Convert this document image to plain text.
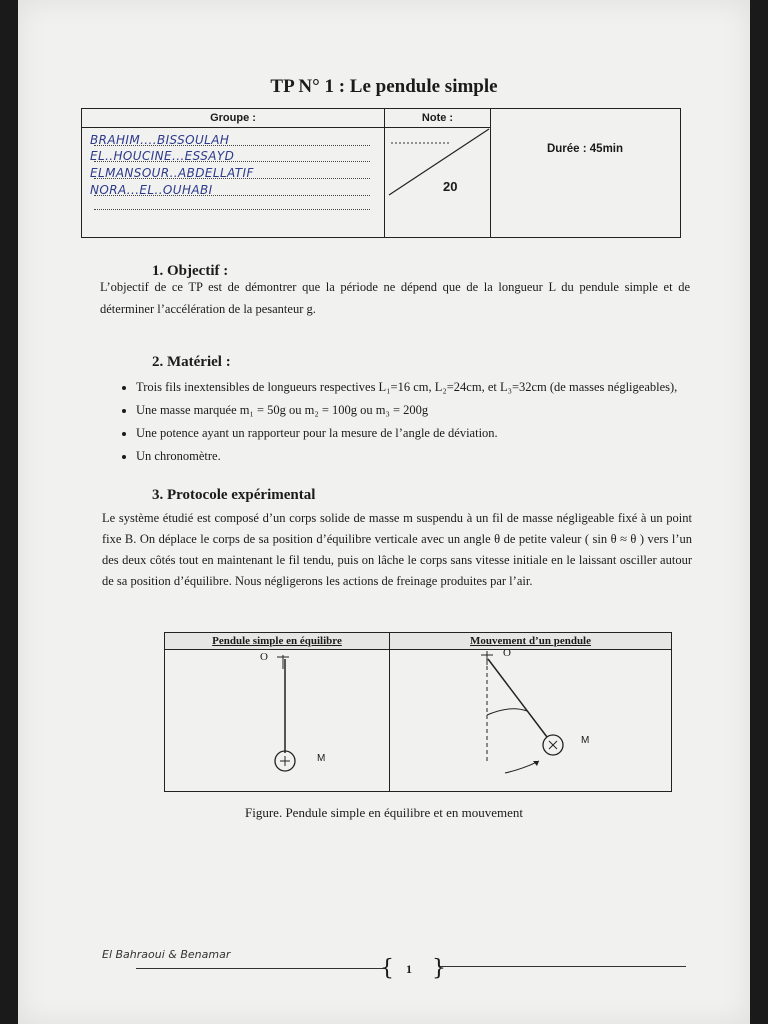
TP N° 1 : Le pendule simple
Groupe :
BRAHIM....BISSOULAH
EL..HOUCINE...ESSAYD
ELMANSOUR..ABDELLATIF
NORA...EL..OUHABI
Note :
20
Durée : 45min
1. Objectif :
L’objectif de ce TP est de démontrer que la période ne dépend que de la longueur L du pendule simple et de déterminer l’accélération de la pesanteur g.
2. Matériel :
• Trois fils inextensibles de longueurs respectives L₁=16 cm, L₂=24cm, et L₃=32cm (de masses négligeables),
• Une masse marquée m₁ = 50g ou m₂ = 100g ou m₃ = 200g
• Une potence ayant un rapporteur pour la mesure de l’angle de déviation.
• Un chronomètre.
3. Protocole expérimental
Le système étudié est composé d’un corps solide de masse m suspendu à un fil de masse négligeable fixé à un point fixe B. On déplace le corps de sa position d’équilibre verticale avec un angle θ de petite valeur ( sin θ ≈ θ ) vers l’un des deux côtés tout en maintenant le fil tendu, puis on lâche le corps sans vitesse initiale en le laissant osciller autour de sa position d’équilibre. Nous négligerons les actions de freinage produites par l’air.
Pendule simple en équilibre	Mouvement d’un pendule
O
M
O
M
Figure. Pendule simple en équilibre et en mouvement
El Bahraoui & Benamar
{ }
1
